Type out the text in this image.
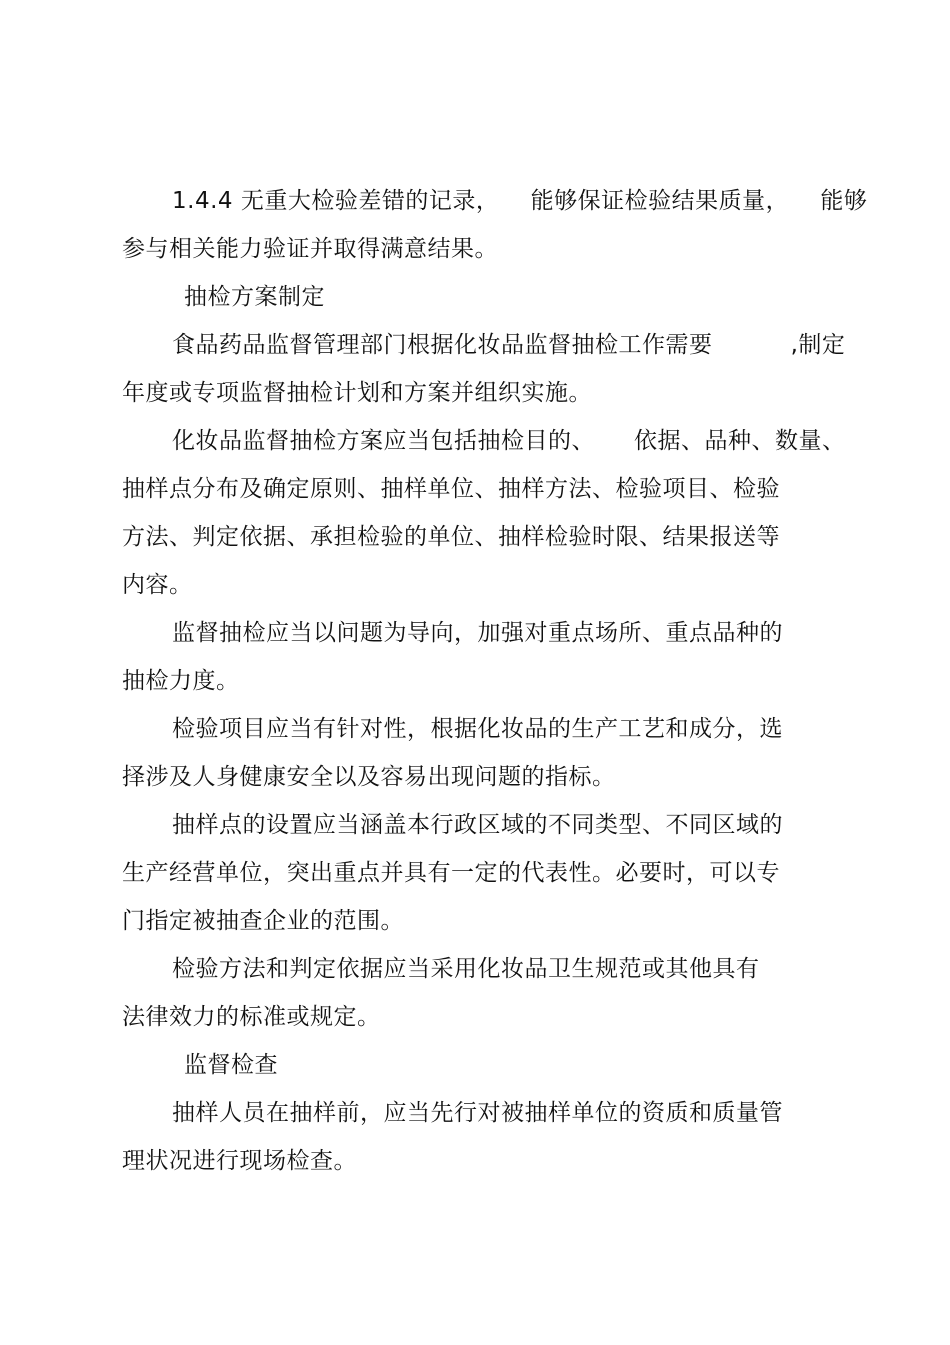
1.4.4 无重大检验差错的记录，    能够保证检验结果质量，    能够
参与相关能力验证并取得满意结果。
抽检方案制定
食品药品监督管理部门根据化妆品监督抽检工作需要          ,制定
年度或专项监督抽检计划和方案并组织实施。
化妆品监督抽检方案应当包括抽检目的、     依据、品种、数量、
抽样点分布及确定原则、抽样单位、抽样方法、检验项目、检验
方法、判定依据、承担检验的单位、抽样检验时限、结果报送等
内容。
监督抽检应当以问题为导向，加强对重点场所、重点品种的
抽检力度。
检验项目应当有针对性，根据化妆品的生产工艺和成分，选
择涉及人身健康安全以及容易出现问题的指标。
抽样点的设置应当涵盖本行政区域的不同类型、不同区域的
生产经营单位，突出重点并具有一定的代表性。必要时，可以专
门指定被抽查企业的范围。
检验方法和判定依据应当采用化妆品卫生规范或其他具有
法律效力的标准或规定。
监督检查
抽样人员在抽样前，应当先行对被抽样单位的资质和质量管
理状况进行现场检查。
